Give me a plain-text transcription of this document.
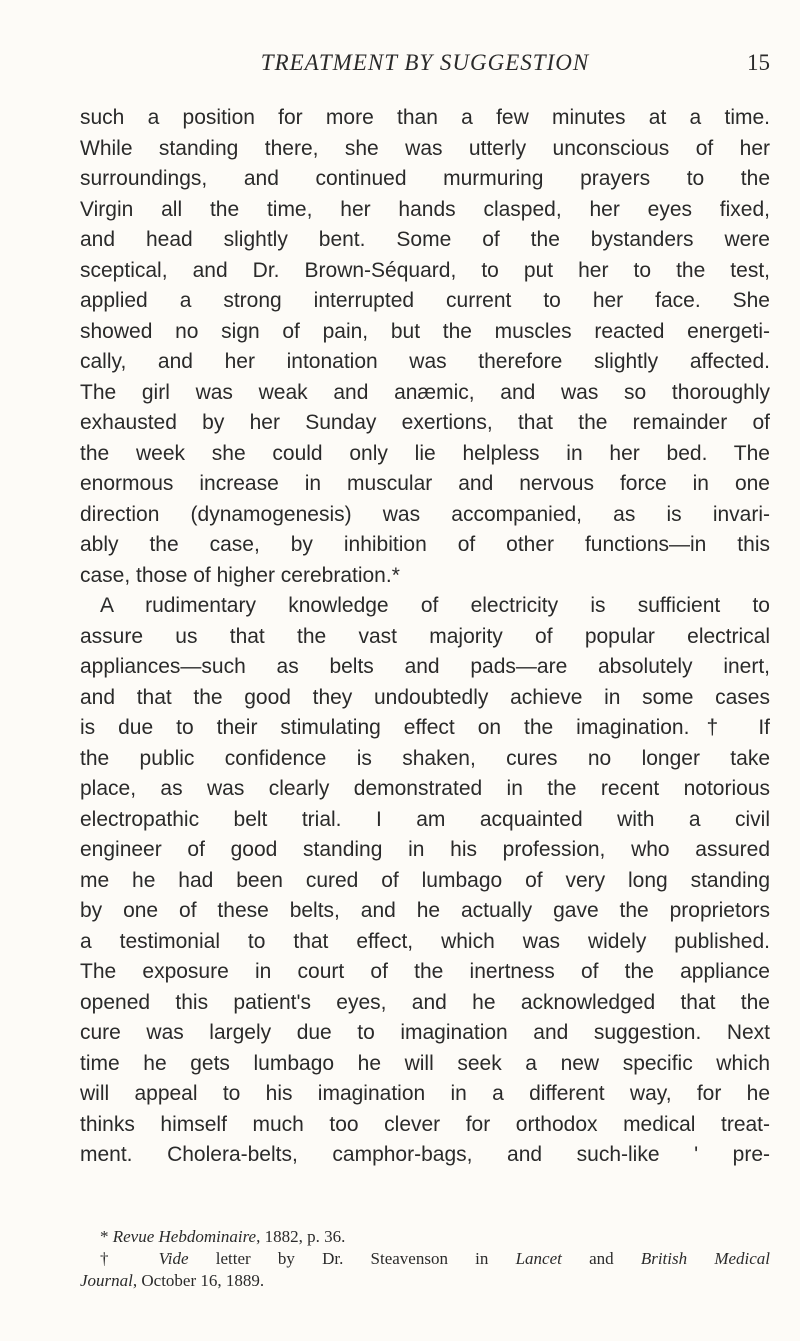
TREATMENT BY SUGGESTION	15

such a position for more than a few minutes at a time.
While standing there, she was utterly unconscious of her
surroundings, and continued murmuring prayers to the
Virgin all the time, her hands clasped, her eyes fixed,
and head slightly bent. Some of the bystanders were
sceptical, and Dr. Brown-Séquard, to put her to the test,
applied a strong interrupted current to her face. She
showed no sign of pain, but the muscles reacted energeti-
cally, and her intonation was therefore slightly affected.
The girl was weak and anæmic, and was so thoroughly
exhausted by her Sunday exertions, that the remainder of
the week she could only lie helpless in her bed. The
enormous increase in muscular and nervous force in one
direction (dynamogenesis) was accompanied, as is invari-
ably the case, by inhibition of other functions—in this
case, those of higher cerebration.*

A rudimentary knowledge of electricity is sufficient to
assure us that the vast majority of popular electrical
appliances—such as belts and pads—are absolutely inert,
and that the good they undoubtedly achieve in some cases
is due to their stimulating effect on the imagination.† If
the public confidence is shaken, cures no longer take
place, as was clearly demonstrated in the recent notorious
electropathic belt trial. I am acquainted with a civil
engineer of good standing in his profession, who assured
me he had been cured of lumbago of very long standing
by one of these belts, and he actually gave the proprietors
a testimonial to that effect, which was widely published.
The exposure in court of the inertness of the appliance
opened this patient's eyes, and he acknowledged that the
cure was largely due to imagination and suggestion. Next
time he gets lumbago he will seek a new specific which
will appeal to his imagination in a different way, for he
thinks himself much too clever for orthodox medical treat-
ment. Cholera-belts, camphor-bags, and such-like ' pre-

* Revue Hebdominaire, 1882, p. 36.
† Vide letter by Dr. Steavenson in Lancet and British Medical
Journal, October 16, 1889.
